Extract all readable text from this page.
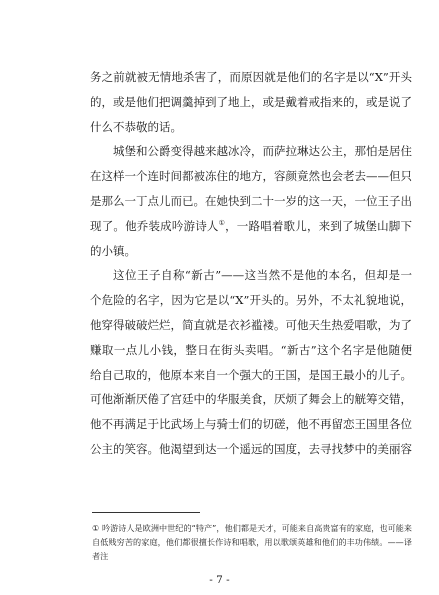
务之前就被无情地杀害了，而原因就是他们的名字是以“X”开头的，或是他们把调羹掉到了地上，或是戴着戒指来的，或是说了什么不恭敬的话。

城堡和公爵变得越来越冰冷，而萨拉琳达公主，那怕是居住在这样一个连时间都被冻住的地方，容颜竟然也会老去——但只是那么一丁点儿而已。在她快到二十一岁的这一天，一位王子出现了。他乔装成吟游诗人①，一路唱着歌儿，来到了城堡山脚下的小镇。

这位王子自称“新古”——这当然不是他的本名，但却是一个危险的名字，因为它是以“X”开头的。另外，不太礼貌地说，他穿得破破烂烂，简直就是衣衫褴褛。可他天生热爱唱歌，为了赚取一点儿小钱，整日在街头卖唱。“新古”这个名字是他随便给自己取的，他原本来自一个强大的王国，是国王最小的儿子。可他渐渐厌倦了宫廷中的华服美食，厌烦了舞会上的觥筹交错，他不再满足于比武场上与骑士们的切磋，他不再留恋王国里各位公主的笑容。他渴望到达一个遥远的国度，去寻找梦中的美丽容

① 吟游诗人是欧洲中世纪的“特产”，他们都是天才，可能来自高贵富有的家庭，也可能来自低贱穷苦的家庭，他们都很擅长作诗和唱歌，用以歌颂英雄和他们的丰功伟绩。——译者注

- 7 -
